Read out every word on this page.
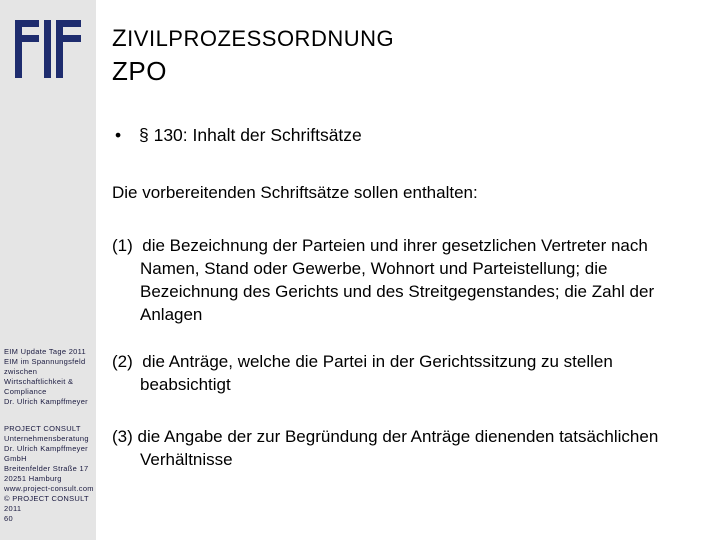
EIM Update Tage 2011
EIM im Spannungsfeld
zwischen
Wirtschaftlichkeit &
Compliance
Dr. Ulrich Kampffmeyer
PROJECT CONSULT
Unternehmensberatung
Dr. Ulrich Kampffmeyer
GmbH
Breitenfelder Straße 17
20251 Hamburg
www.project-consult.com
© PROJECT CONSULT
2011
60
ZIVILPROZESSORDNUNG
ZPO
• § 130: Inhalt der Schriftsätze
Die vorbereitenden Schriftsätze sollen enthalten:
(1) die Bezeichnung der Parteien und ihrer gesetzlichen Vertreter nach
Namen, Stand oder Gewerbe, Wohnort und Parteistellung; die
Bezeichnung des Gerichts und des Streitgegenstandes; die Zahl der
Anlagen
(2) die Anträge, welche die Partei in der Gerichtssitzung zu stellen
beabsichtigt
(3) die Angabe der zur Begründung der Anträge dienenden tatsächlichen
Verhältnisse
